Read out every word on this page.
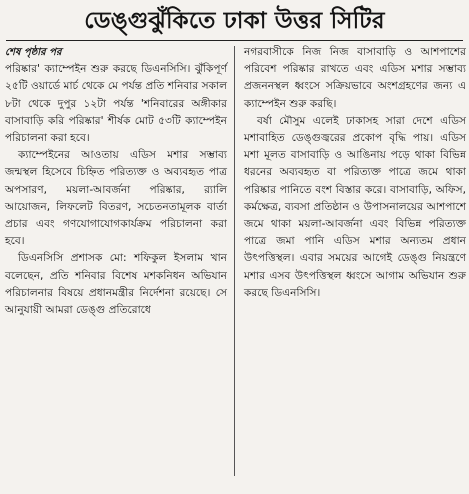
ডেঙ্গুঝুঁকিতে ঢাকা উত্তর সিটির

শেষ পৃষ্ঠার পর

পরিষ্কার' ক্যাম্পেইন শুরু করছে ডিএনসিসি। ঝুঁকিপূর্ণ ২৫টি ওয়ার্ডে মার্চ থেকে মে পর্যন্ত প্রতি শনিবার সকাল ৮টা থেকে দুপুর ১২টা পর্যন্ত 'শনিবারের অঙ্গীকার বাসাবাড়ি করি পরিষ্কার' শীর্ষক মোট ৫৩টি ক্যাম্পেইন পরিচালনা করা হবে।

ক্যাম্পেইনের আওতায় এডিস মশার সম্ভাব্য জন্মস্থল হিসেবে চিহ্নিত পরিত্যক্ত ও অব্যবহৃত পাত্র অপসারণ, ময়লা-আবর্জনা পরিষ্কার, র‌্যালি আয়োজন, লিফলেট বিতরণ, সচেতনতামূলক বার্তা প্রচার এবং গণযোগাযোগকার্যক্রম পরিচালনা করা হবে।

ডিএনসিসি প্রশাসক মো: শফিকুল ইসলাম খান বলেছেন, প্রতি শনিবার বিশেষ মশকনিধন অভিযান পরিচালনার বিষয়ে প্রধানমন্ত্রীর নির্দেশনা রয়েছে। সে আনুযায়ী আমরা ডেঙ্গু প্রতিরোধে

নগরবাসীকে নিজ নিজ বাসাবাড়ি ও আশপাশের পরিবেশ পরিষ্কার রাখতে এবং এডিস মশার সম্ভাব্য প্রজননস্থল ধ্বংসে সক্রিয়ভাবে অংশগ্রহণের জন্য এ ক্যাম্পেইন শুরু করছি।

বর্ষা মৌসুম এলেই ঢাকাসহ সারা দেশে এডিস মশাবাহিত ডেঙ্গুজ্বরের প্রকোপ বৃদ্ধি পায়। এডিস মশা মূলত বাসাবাড়ি ও আঙিনায় পড়ে থাকা বিভিন্ন ধরনের অব্যবহৃত বা পরিত্যক্ত পাত্রে জমে থাকা পরিষ্কার পানিতে বংশ বিস্তার করে। বাসাবাড়ি, অফিস, কর্মক্ষেত্র, ব্যবসা প্রতিষ্ঠান ও উপাসনালয়ের আশপাশে জমে থাকা ময়লা-আবর্জনা এবং বিভিন্ন পরিত্যক্ত পাত্রে জমা পানি এডিস মশার অন্যতম প্রধান উৎপত্তিস্থল। এবার সময়ের আগেই ডেঙ্গু নিয়ন্ত্রণে মশার এসব উৎপত্তিস্থল ধ্বংসে আগাম অভিযান শুরু করছে ডিএনসিসি।
